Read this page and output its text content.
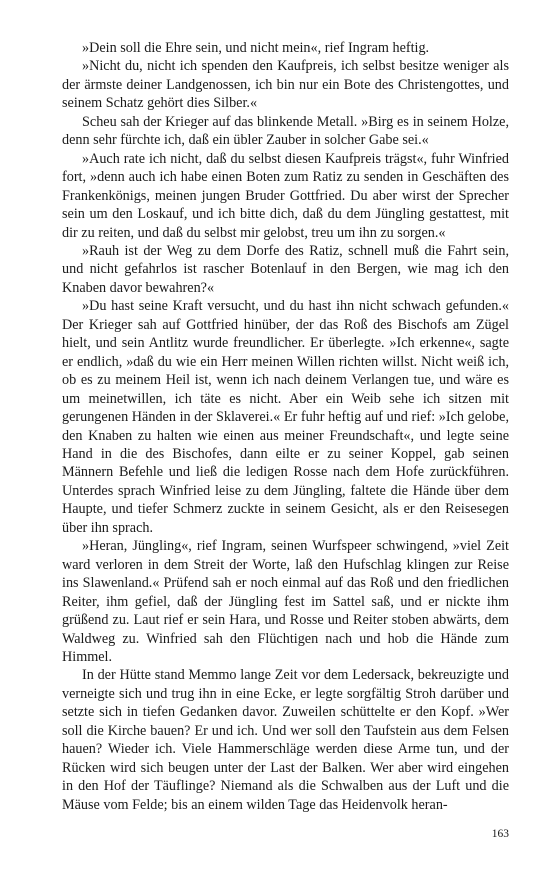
»Dein soll die Ehre sein, und nicht mein«, rief Ingram heftig.

»Nicht du, nicht ich spenden den Kaufpreis, ich selbst besitze weniger als der ärmste deiner Landgenossen, ich bin nur ein Bote des Christengottes, und seinem Schatz gehört dies Silber.«

Scheu sah der Krieger auf das blinkende Metall. »Birg es in seinem Holze, denn sehr fürchte ich, daß ein übler Zauber in solcher Gabe sei.«

»Auch rate ich nicht, daß du selbst diesen Kaufpreis trägst«, fuhr Winfried fort, »denn auch ich habe einen Boten zum Ratiz zu senden in Geschäften des Frankenkönigs, meinen jungen Bruder Gottfried. Du aber wirst der Sprecher sein um den Loskauf, und ich bitte dich, daß du dem Jüngling gestattest, mit dir zu reiten, und daß du selbst mir gelobst, treu um ihn zu sorgen.«

»Rauh ist der Weg zu dem Dorfe des Ratiz, schnell muß die Fahrt sein, und nicht gefahrlos ist rascher Botenlauf in den Bergen, wie mag ich den Knaben davor bewahren?«

»Du hast seine Kraft versucht, und du hast ihn nicht schwach gefunden.« Der Krieger sah auf Gottfried hinüber, der das Roß des Bischofs am Zügel hielt, und sein Antlitz wurde freundlicher. Er überlegte. »Ich erkenne«, sagte er endlich, »daß du wie ein Herr meinen Willen richten willst. Nicht weiß ich, ob es zu meinem Heil ist, wenn ich nach deinem Verlangen tue, und wäre es um meinetwillen, ich täte es nicht. Aber ein Weib sehe ich sitzen mit gerungenen Händen in der Sklaverei.« Er fuhr heftig auf und rief: »Ich gelobe, den Knaben zu halten wie einen aus meiner Freundschaft«, und legte seine Hand in die des Bischofes, dann eilte er zu seiner Koppel, gab seinen Männern Befehle und ließ die ledigen Rosse nach dem Hofe zurückführen. Unterdes sprach Winfried leise zu dem Jüngling, faltete die Hände über dem Haupte, und tiefer Schmerz zuckte in seinem Gesicht, als er den Reisesegen über ihn sprach.

»Heran, Jüngling«, rief Ingram, seinen Wurfspeer schwingend, »viel Zeit ward verloren in dem Streit der Worte, laß den Hufschlag klingen zur Reise ins Slawenland.« Prüfend sah er noch einmal auf das Roß und den friedlichen Reiter, ihm gefiel, daß der Jüngling fest im Sattel saß, und er nickte ihm grüßend zu. Laut rief er sein Hara, und Rosse und Reiter stoben abwärts, dem Waldweg zu. Winfried sah den Flüchtigen nach und hob die Hände zum Himmel.

In der Hütte stand Memmo lange Zeit vor dem Ledersack, bekreuzigte und verneigte sich und trug ihn in eine Ecke, er legte sorgfältig Stroh darüber und setzte sich in tiefen Gedanken davor. Zuweilen schüttelte er den Kopf. »Wer soll die Kirche bauen? Er und ich. Und wer soll den Taufstein aus dem Felsen hauen? Wieder ich. Viele Hammerschläge werden diese Arme tun, und der Rücken wird sich beugen unter der Last der Balken. Wer aber wird eingehen in den Hof der Täuflinge? Niemand als die Schwalben aus der Luft und die Mäuse vom Felde; bis an einem wilden Tage das Heidenvolk heran-

163
